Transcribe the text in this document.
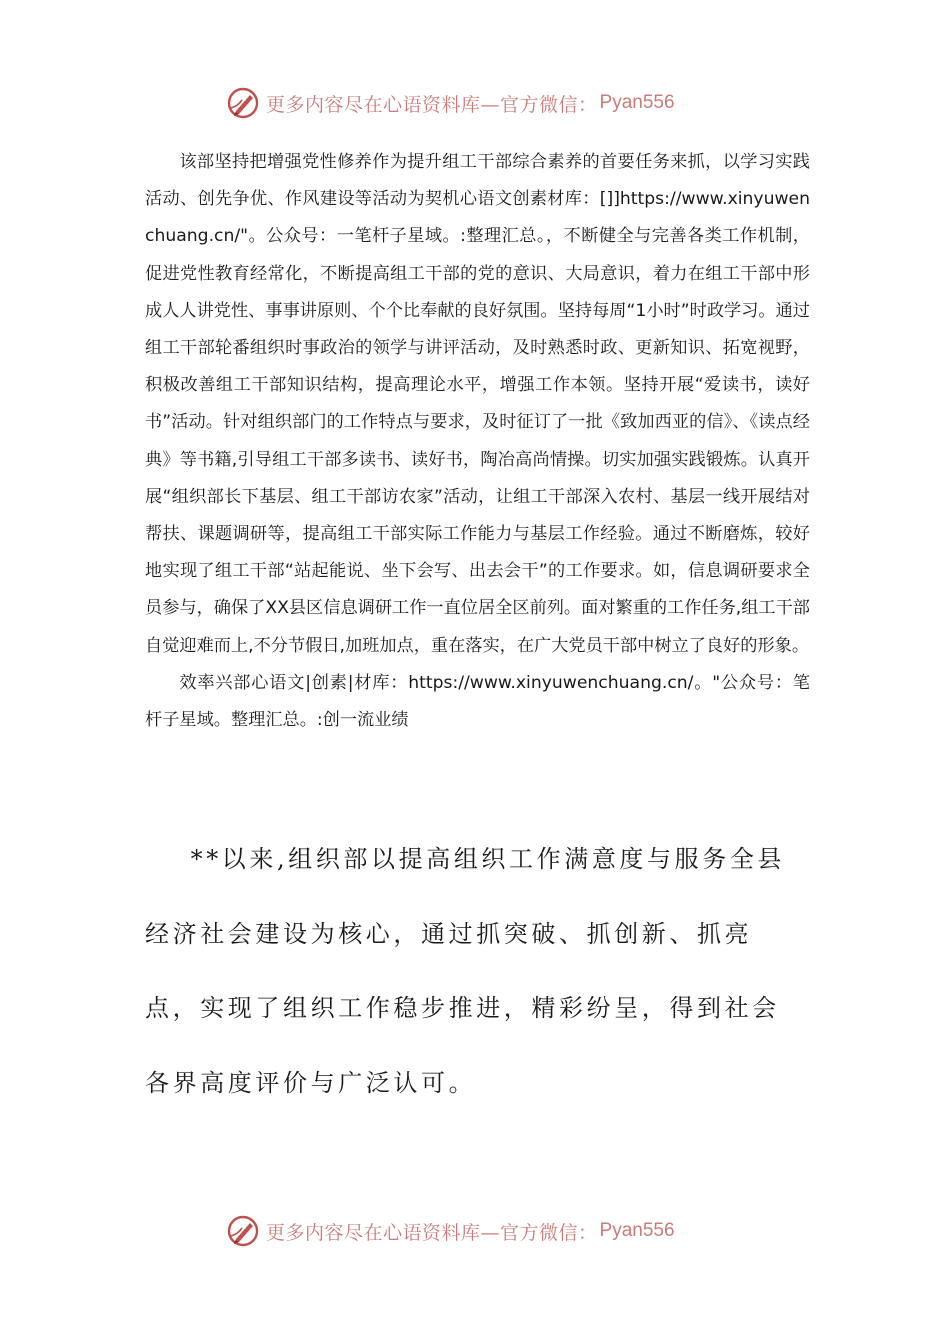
更多内容尽在心语资料库—官方微信： Pyan556

该部坚持把增强党性修养作为提升组工干部综合素养的首要任务来抓，以学习实践活动、创先争优、作风建设等活动为契机心语文创素材库：[]]https://www.xinyuwenchuang.cn/"。公众号：一笔杆子星域。:整理汇总。，不断健全与完善各类工作机制，促进党性教育经常化，不断提高组工干部的党的意识、大局意识，着力在组工干部中形成人人讲党性、事事讲原则、个个比奉献的良好氛围。坚持每周“1小时”时政学习。通过组工干部轮番组织时事政治的领学与讲评活动，及时熟悉时政、更新知识、拓宽视野，积极改善组工干部知识结构，提高理论水平，增强工作本领。坚持开展“爱读书，读好书”活动。针对组织部门的工作特点与要求，及时征订了一批《致加西亚的信》、《读点经典》等书籍,引导组工干部多读书、读好书，陶冶高尚情操。切实加强实践锻炼。认真开展“组织部长下基层、组工干部访农家”活动，让组工干部深入农村、基层一线开展结对帮扶、课题调研等，提高组工干部实际工作能力与基层工作经验。通过不断磨炼，较好地实现了组工干部“站起能说、坐下会写、出去会干”的工作要求。如，信息调研要求全员参与，确保了XX县区信息调研工作一直位居全区前列。面对繁重的工作任务,组工干部自觉迎难而上,不分节假日,加班加点，重在落实，在广大党员干部中树立了良好的形象。

效率兴部心语文|创素|材库：https://www.xinyuwenchuang.cn/。"公众号：笔杆子星域。整理汇总。:创一流业绩

**以来,组织部以提高组织工作满意度与服务全县经济社会建设为核心，通过抓突破、抓创新、抓亮点，实现了组织工作稳步推进，精彩纷呈，得到社会各界高度评价与广泛认可。
更多内容尽在心语资料库—官方微信： Pyan556
